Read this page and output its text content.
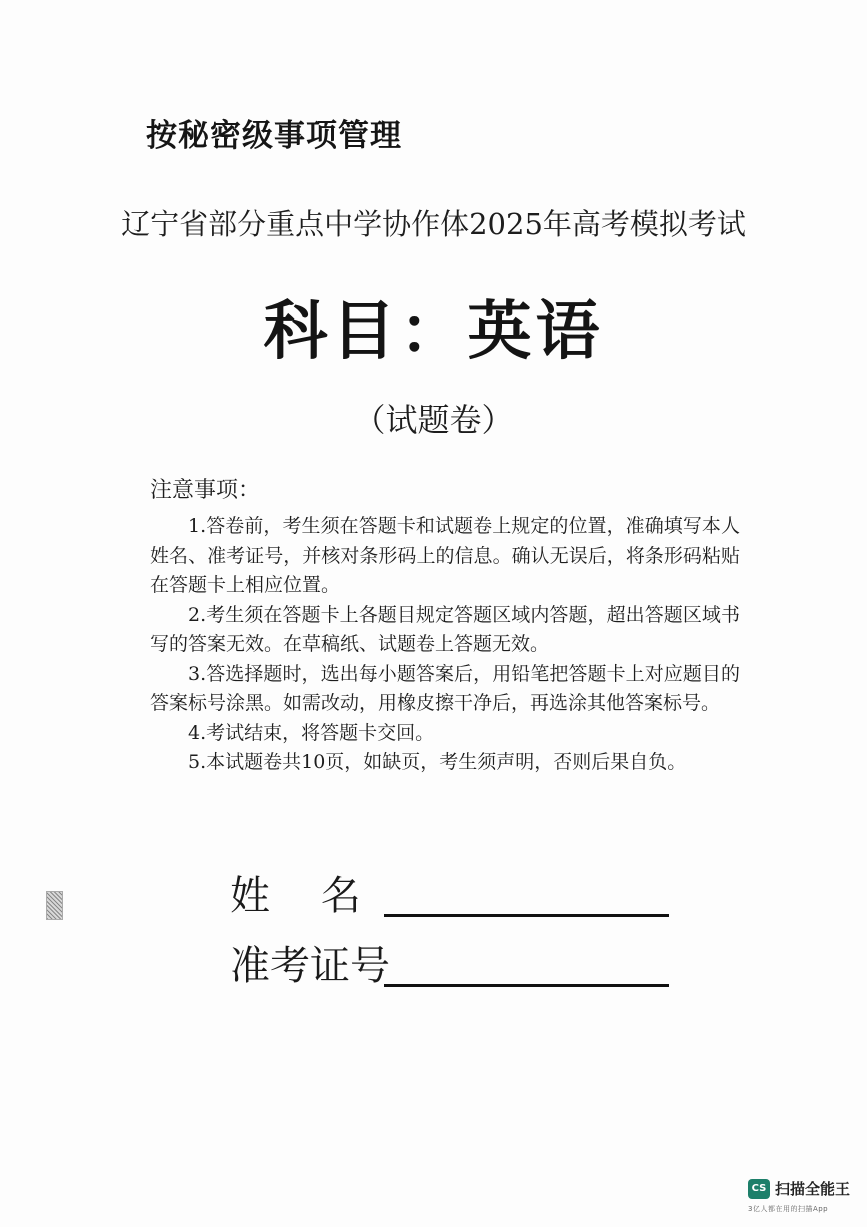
按秘密级事项管理
辽宁省部分重点中学协作体2025年高考模拟考试
科目：英语
（试题卷）
注意事项：

1.答卷前，考生须在答题卡和试题卷上规定的位置，准确填写本人姓名、准考证号，并核对条形码上的信息。确认无误后，将条形码粘贴在答题卡上相应位置。

2.考生须在答题卡上各题目规定答题区域内答题，超出答题区域书写的答案无效。在草稿纸、试题卷上答题无效。

3.答选择题时，选出每小题答案后，用铅笔把答题卡上对应题目的答案标号涂黑。如需改动，用橡皮擦干净后，再选涂其他答案标号。

4.考试结束，将答题卡交回。

5.本试题卷共10页，如缺页，考生须声明，否则后果自负。

姓    名
准考证号
CS 扫描全能王
3亿人都在用的扫描App
